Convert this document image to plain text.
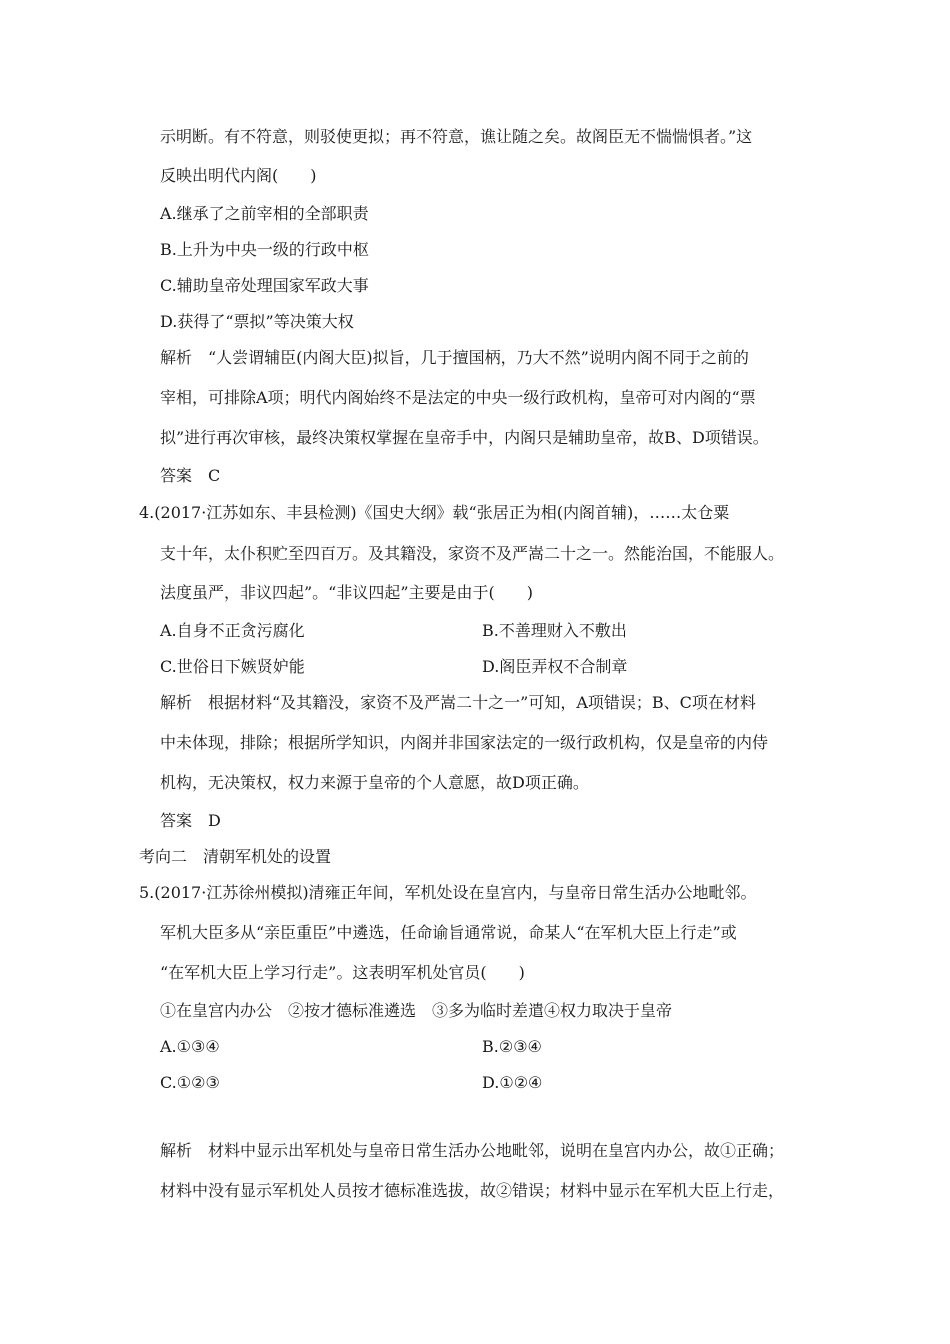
示明断。有不符意，则驳使更拟；再不符意，谯让随之矣。故阁臣无不惴惴惧者。”这
反映出明代内阁(　　)
A.继承了之前宰相的全部职责
B.上升为中央一级的行政中枢
C.辅助皇帝处理国家军政大事
D.获得了“票拟”等决策大权
解析　“人尝谓辅臣(内阁大臣)拟旨，几于擅国柄，乃大不然”说明内阁不同于之前的
宰相，可排除A项；明代内阁始终不是法定的中央一级行政机构，皇帝可对内阁的“票
拟”进行再次审核，最终决策权掌握在皇帝手中，内阁只是辅助皇帝，故B、D项错误。
答案　C
4.(2017·江苏如东、丰县检测)《国史大纲》载“张居正为相(内阁首辅)，……太仓粟
支十年，太仆积贮至四百万。及其籍没，家资不及严嵩二十之一。然能治国，不能服人。
法度虽严，非议四起”。“非议四起”主要是由于(　　)
A.自身不正贪污腐化	B.不善理财入不敷出
C.世俗日下嫉贤妒能	D.阁臣弄权不合制章
解析　根据材料“及其籍没，家资不及严嵩二十之一”可知，A项错误；B、C项在材料
中未体现，排除；根据所学知识，内阁并非国家法定的一级行政机构，仅是皇帝的内侍
机构，无决策权，权力来源于皇帝的个人意愿，故D项正确。
答案　D
考向二　清朝军机处的设置
5.(2017·江苏徐州模拟)清雍正年间，军机处设在皇宫内，与皇帝日常生活办公地毗邻。
军机大臣多从“亲臣重臣”中遴选，任命谕旨通常说，命某人“在军机大臣上行走”或
“在军机大臣上学习行走”。这表明军机处官员(　　)
①在皇宫内办公　②按才德标准遴选　③多为临时差遣④权力取决于皇帝
A.①③④	B.②③④
C.①②③	D.①②④
解析　材料中显示出军机处与皇帝日常生活办公地毗邻，说明在皇宫内办公，故①正确；
材料中没有显示军机处人员按才德标准选拔，故②错误；材料中显示在军机大臣上行走，
